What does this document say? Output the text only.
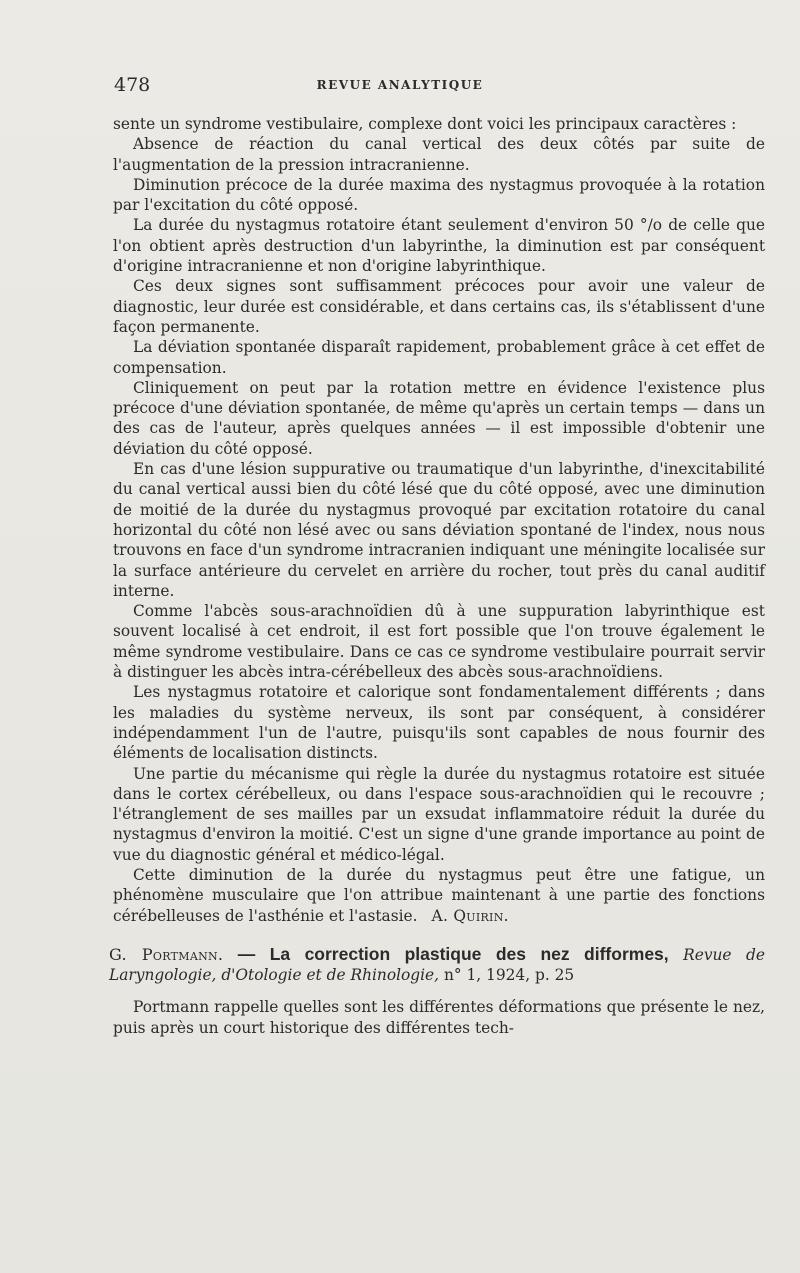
478	REVUE ANALYTIQUE

sente un syndrome vestibulaire, complexe dont voici les principaux caractères :

Absence de réaction du canal vertical des deux côtés par suite de l'augmentation de la pression intracranienne.

Diminution précoce de la durée maxima des nystagmus provoquée à la rotation par l'excitation du côté opposé.

La durée du nystagmus rotatoire étant seulement d'environ 50 °/o de celle que l'on obtient après destruction d'un labyrinthe, la diminution est par conséquent d'origine intracranienne et non d'origine labyrinthique.

Ces deux signes sont suffisamment précoces pour avoir une valeur de diagnostic, leur durée est considérable, et dans certains cas, ils s'établissent d'une façon permanente.

La déviation spontanée disparaît rapidement, probablement grâce à cet effet de compensation.

Cliniquement on peut par la rotation mettre en évidence l'existence plus précoce d'une déviation spontanée, de même qu'après un certain temps — dans un des cas de l'auteur, après quelques années — il est impossible d'obtenir une déviation du côté opposé.

En cas d'une lésion suppurative ou traumatique d'un labyrinthe, d'inexcitabilité du canal vertical aussi bien du côté lésé que du côté opposé, avec une diminution de moitié de la durée du nystagmus provoqué par excitation rotatoire du canal horizontal du côté non lésé avec ou sans déviation spontané de l'index, nous nous trouvons en face d'un syndrome intracranien indiquant une méningite localisée sur la surface antérieure du cervelet en arrière du rocher, tout près du canal auditif interne.

Comme l'abcès sous-arachnoïdien dû à une suppuration labyrinthique est souvent localisé à cet endroit, il est fort possible que l'on trouve également le même syndrome vestibulaire. Dans ce cas ce syndrome vestibulaire pourrait servir à distinguer les abcès intra-cérébelleux des abcès sous-arachnoïdiens.

Les nystagmus rotatoire et calorique sont fondamentalement différents ; dans les maladies du système nerveux, ils sont par conséquent, à considérer indépendamment l'un de l'autre, puisqu'ils sont capables de nous fournir des éléments de localisation distincts.

Une partie du mécanisme qui règle la durée du nystagmus rotatoire est située dans le cortex cérébelleux, ou dans l'espace sous-arachnoïdien qui le recouvre ; l'étranglement de ses mailles par un exsudat inflammatoire réduit la durée du nystagmus d'environ la moitié. C'est un signe d'une grande importance au point de vue du diagnostic général et médico-légal.

Cette diminution de la durée du nystagmus peut être une fatigue, un phénomène musculaire que l'on attribue maintenant à une partie des fonctions cérébelleuses de l'asthénie et l'astasie. A. Quirin.

G. Portmann. — La correction plastique des nez difformes, Revue de Laryngologie, d'Otologie et de Rhinologie, n° 1, 1924, p. 25

Portmann rappelle quelles sont les différentes déformations que présente le nez, puis après un court historique des différentes tech-
